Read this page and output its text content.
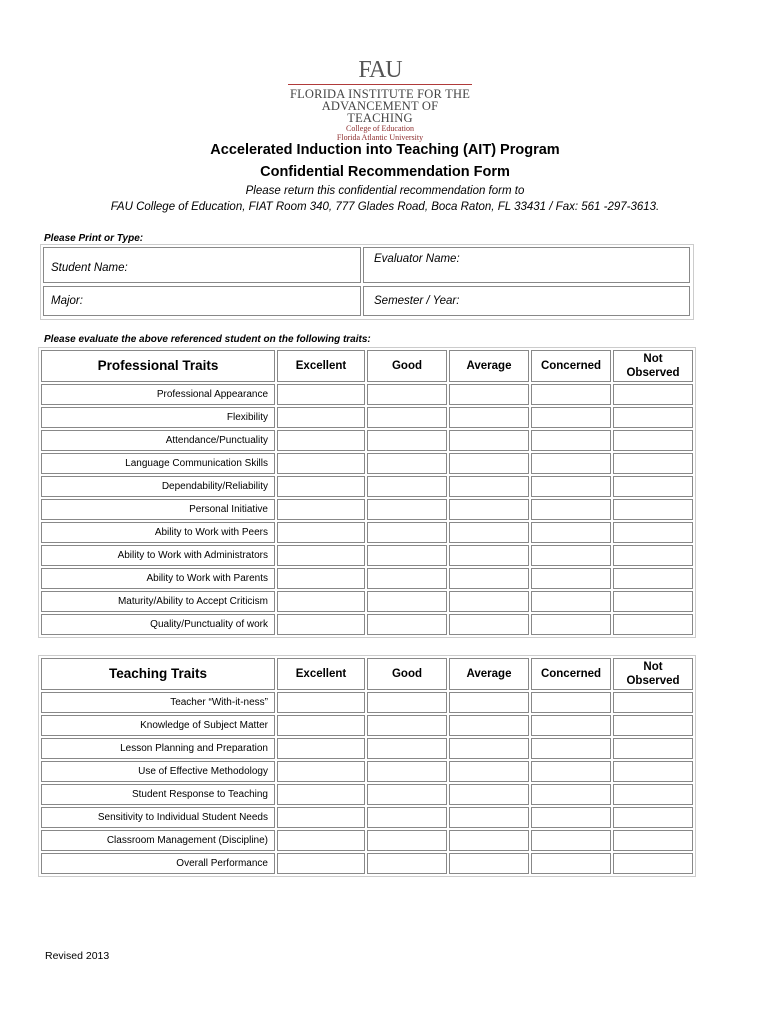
FAU
FLORIDA INSTITUTE FOR THE
ADVANCEMENT OF TEACHING
College of Education
Florida Atlantic University
Accelerated Induction into Teaching (AIT) Program
Confidential Recommendation Form
Please return this confidential recommendation form to
FAU College of Education, FIAT Room 340, 777 Glades Road, Boca Raton, FL 33431 / Fax: 561 -297-3613.
Please Print or Type:
Student Name:
Evaluator Name:
Major:	Semester / Year:
Please evaluate the above referenced student on the following traits:
Professional Traits	Excellent	Good	Average	Concerned	Not
Observed
Professional Appearance					
Flexibility					
Attendance/Punctuality					
Language Communication Skills					
Dependability/Reliability					
Personal Initiative					
Ability to Work with Peers					
Ability to Work with Administrators					
Ability to Work with Parents					
Maturity/Ability to Accept Criticism					
Quality/Punctuality of work					
Teaching Traits	Excellent	Good	Average	Concerned	Not
Observed
Teacher “With-it-ness”					
Knowledge of Subject Matter					
Lesson Planning and Preparation					
Use of Effective Methodology					
Student Response to Teaching					
Sensitivity to Individual Student Needs					
Classroom Management (Discipline)					
Overall Performance					
Revised 2013
